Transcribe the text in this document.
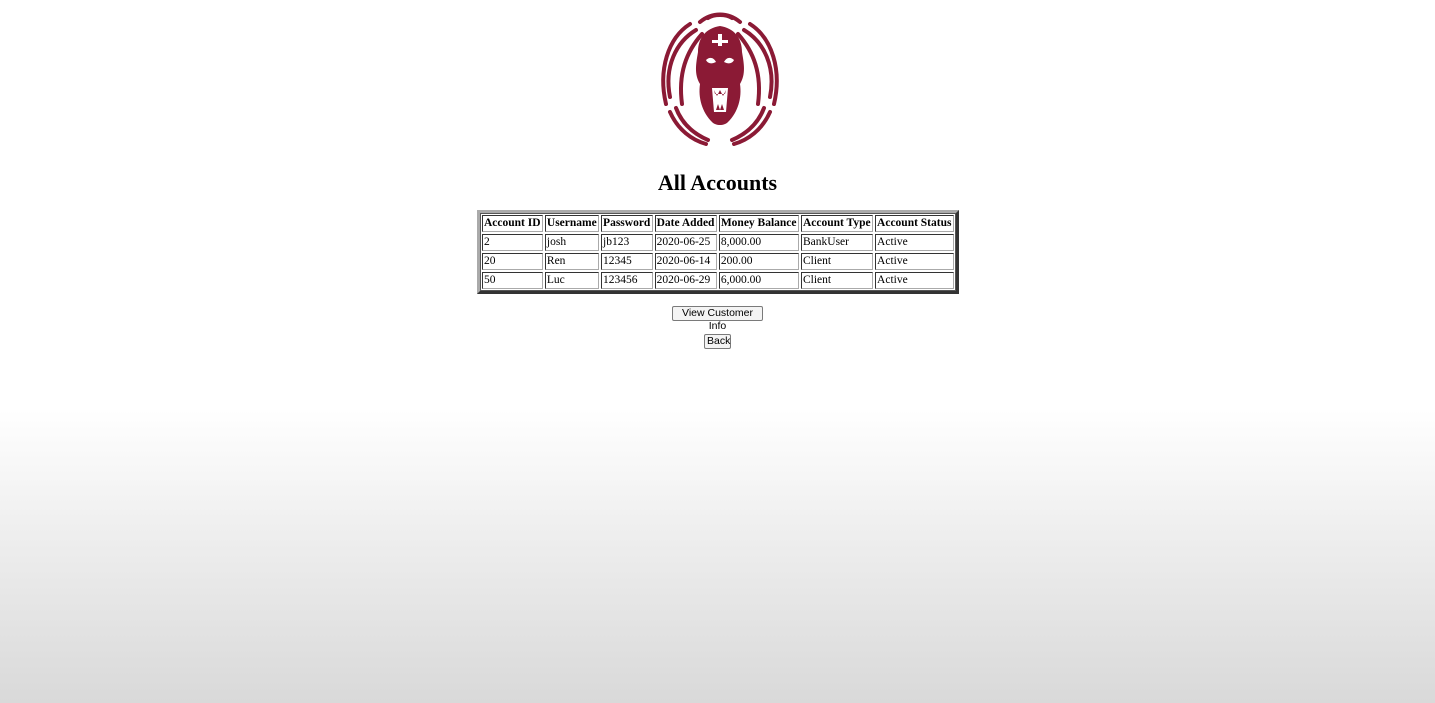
All Accounts
Account ID	Username	Password	Date Added	Money Balance	Account Type	Account Status
2	josh	jb123	2020-06-25	8,000.00	BankUser	Active
20	Ren	12345	2020-06-14	200.00	Client	Active
50	Luc	123456	2020-06-29	6,000.00	Client	Active
View Customer Info
Back
